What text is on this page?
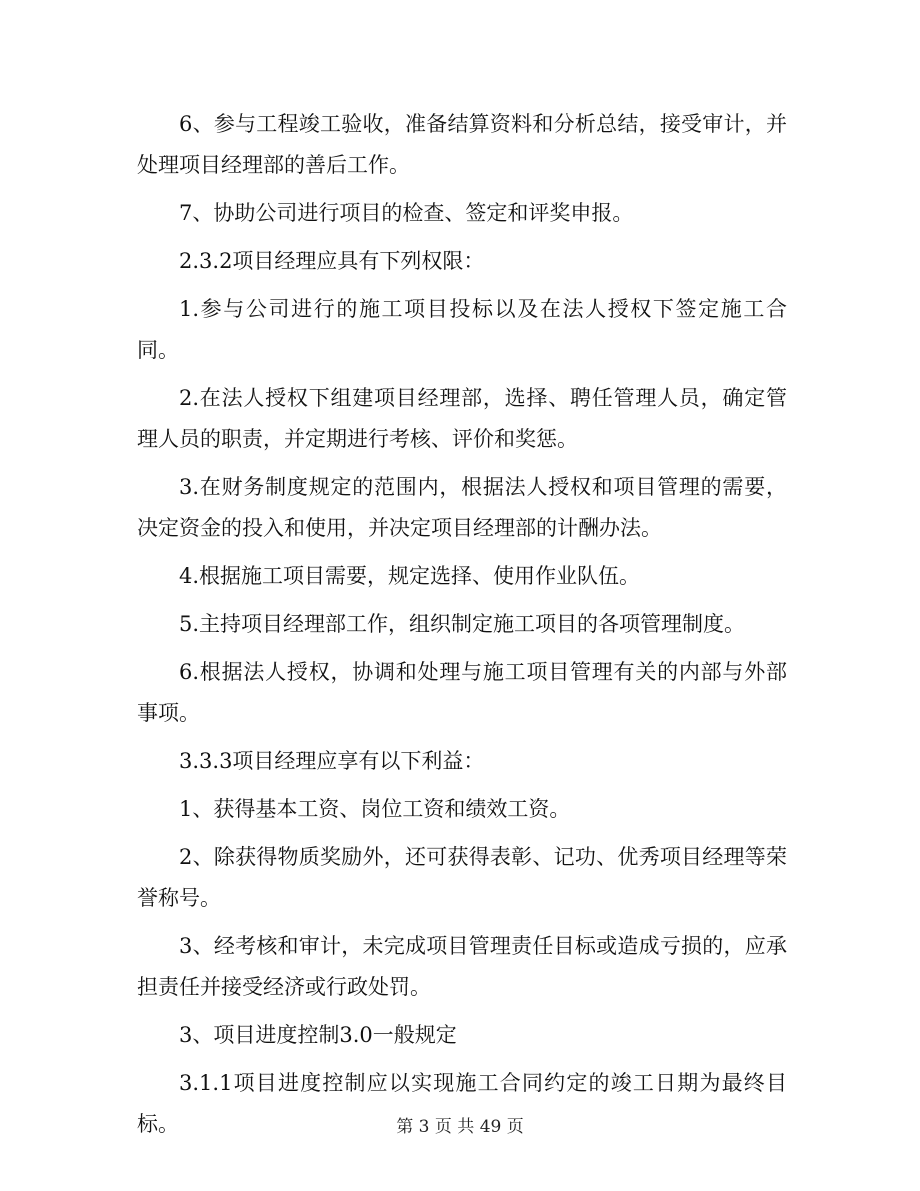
6、参与工程竣工验收，准备结算资料和分析总结，接受审计，并处理项目经理部的善后工作。

7、协助公司进行项目的检查、签定和评奖申报。

2.3.2项目经理应具有下列权限：

1.参与公司进行的施工项目投标以及在法人授权下签定施工合同。

2.在法人授权下组建项目经理部，选择、聘任管理人员，确定管理人员的职责，并定期进行考核、评价和奖惩。

3.在财务制度规定的范围内，根据法人授权和项目管理的需要，决定资金的投入和使用，并决定项目经理部的计酬办法。

4.根据施工项目需要，规定选择、使用作业队伍。

5.主持项目经理部工作，组织制定施工项目的各项管理制度。

6.根据法人授权，协调和处理与施工项目管理有关的内部与外部事项。

3.3.3项目经理应享有以下利益：

1、获得基本工资、岗位工资和绩效工资。

2、除获得物质奖励外，还可获得表彰、记功、优秀项目经理等荣誉称号。

3、经考核和审计，未完成项目管理责任目标或造成亏损的，应承担责任并接受经济或行政处罚。

3、项目进度控制3.0一般规定

3.1.1项目进度控制应以实现施工合同约定的竣工日期为最终目标。	第 3 页 共 49 页
